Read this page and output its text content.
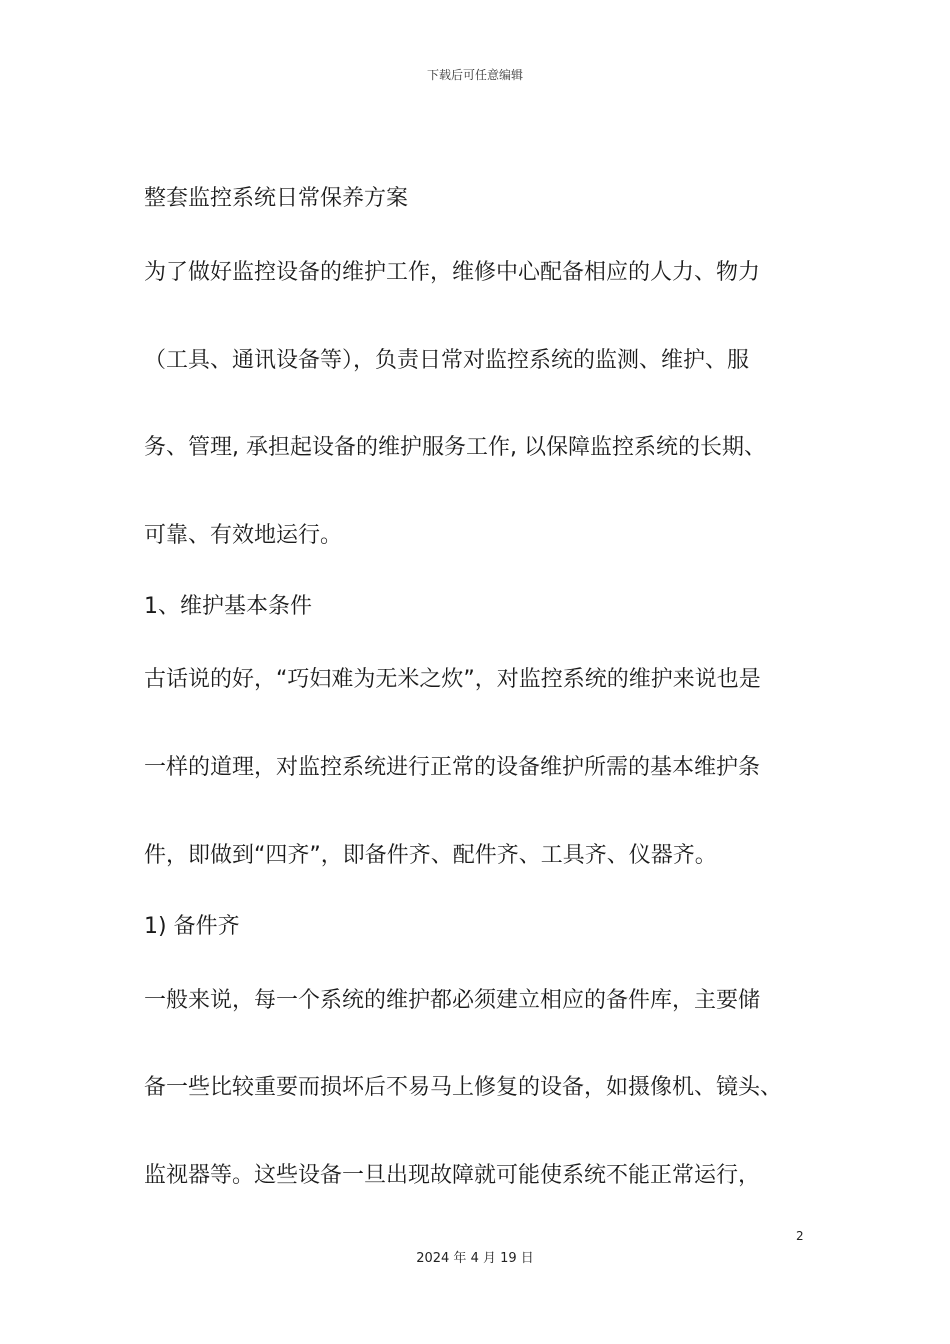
下载后可任意编辑
整套监控系统日常保养方案
为了做好监控设备的维护工作，维修中心配备相应的人力、物力
（工具、通讯设备等），负责日常对监控系统的监测、维护、服
务、管理, 承担起设备的维护服务工作, 以保障监控系统的长期、
可靠、有效地运行。
1、维护基本条件
古话说的好，“巧妇难为无米之炊”，对监控系统的维护来说也是
一样的道理，对监控系统进行正常的设备维护所需的基本维护条
件，即做到“四齐”，即备件齐、配件齐、工具齐、仪器齐。
1) 备件齐
一般来说，每一个系统的维护都必须建立相应的备件库，主要储
备一些比较重要而损坏后不易马上修复的设备，如摄像机、镜头、
监视器等。这些设备一旦出现故障就可能使系统不能正常运行，
2
2024 年 4 月 19 日
